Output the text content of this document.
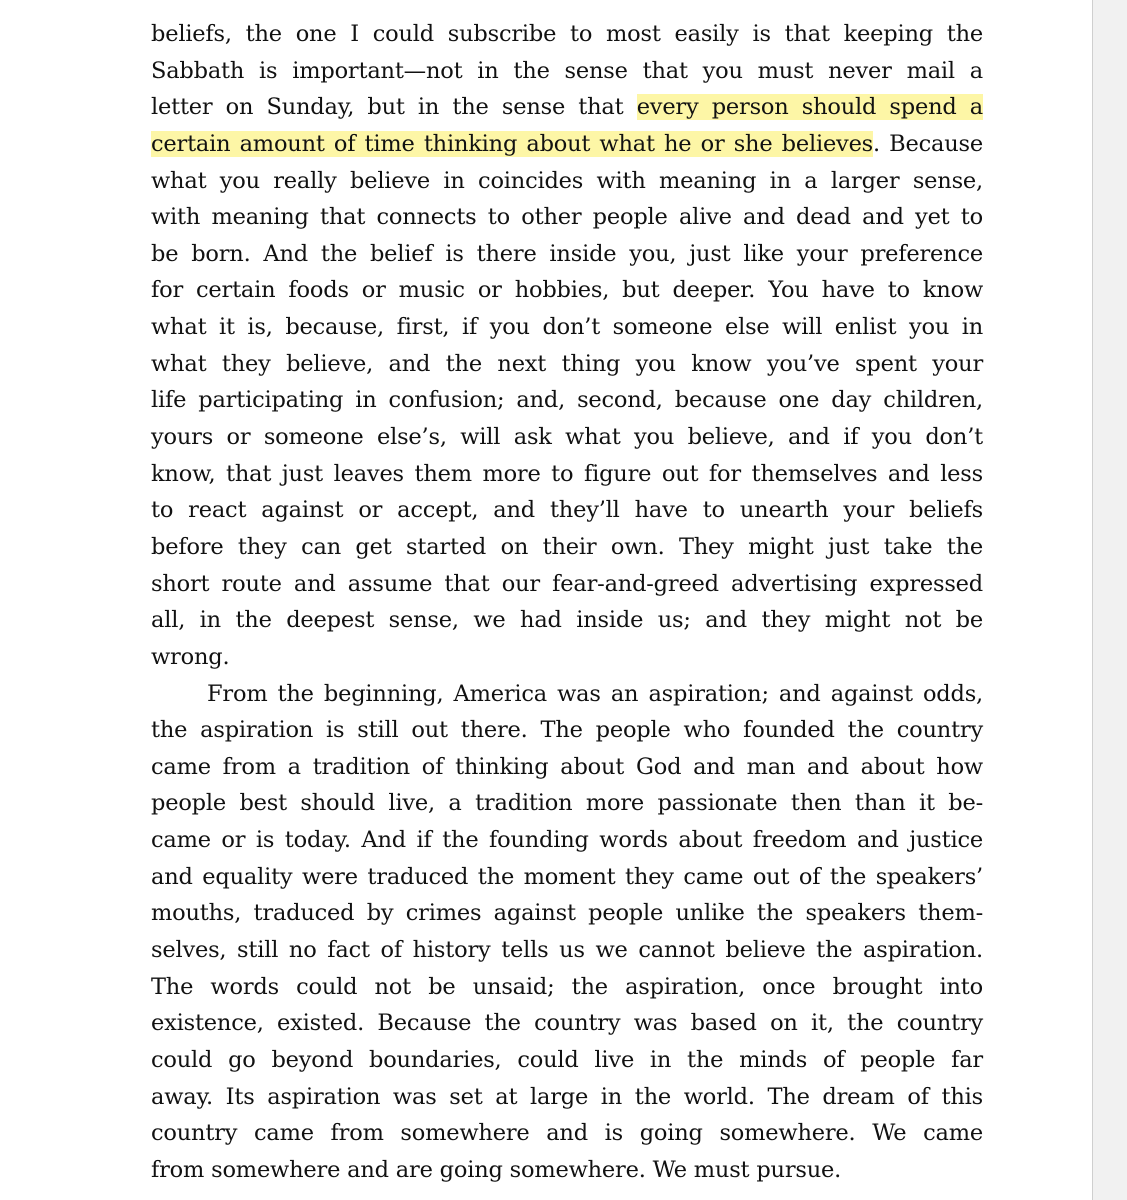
beliefs, the one I could subscribe to most easily is that keeping the
Sabbath is important—not in the sense that you must never mail a
letter on Sunday, but in the sense that every person should spend a
certain amount of time thinking about what he or she believes. Because
what you really believe in coincides with meaning in a larger sense,
with meaning that connects to other people alive and dead and yet to
be born. And the belief is there inside you, just like your preference
for certain foods or music or hobbies, but deeper. You have to know
what it is, because, first, if you don’t someone else will enlist you in
what they believe, and the next thing you know you’ve spent your
life participating in confusion; and, second, because one day children,
yours or someone else’s, will ask what you believe, and if you don’t
know, that just leaves them more to figure out for themselves and less
to react against or accept, and they’ll have to unearth your beliefs
before they can get started on their own. They might just take the
short route and assume that our fear-and-greed advertising expressed
all, in the deepest sense, we had inside us; and they might not be
wrong.
From the beginning, America was an aspiration; and against odds,
the aspiration is still out there. The people who founded the country
came from a tradition of thinking about God and man and about how
people best should live, a tradition more passionate then than it be-
came or is today. And if the founding words about freedom and justice
and equality were traduced the moment they came out of the speakers’
mouths, traduced by crimes against people unlike the speakers them-
selves, still no fact of history tells us we cannot believe the aspiration.
The words could not be unsaid; the aspiration, once brought into
existence, existed. Because the country was based on it, the country
could go beyond boundaries, could live in the minds of people far
away. Its aspiration was set at large in the world. The dream of this
country came from somewhere and is going somewhere. We came
from somewhere and are going somewhere. We must pursue.
